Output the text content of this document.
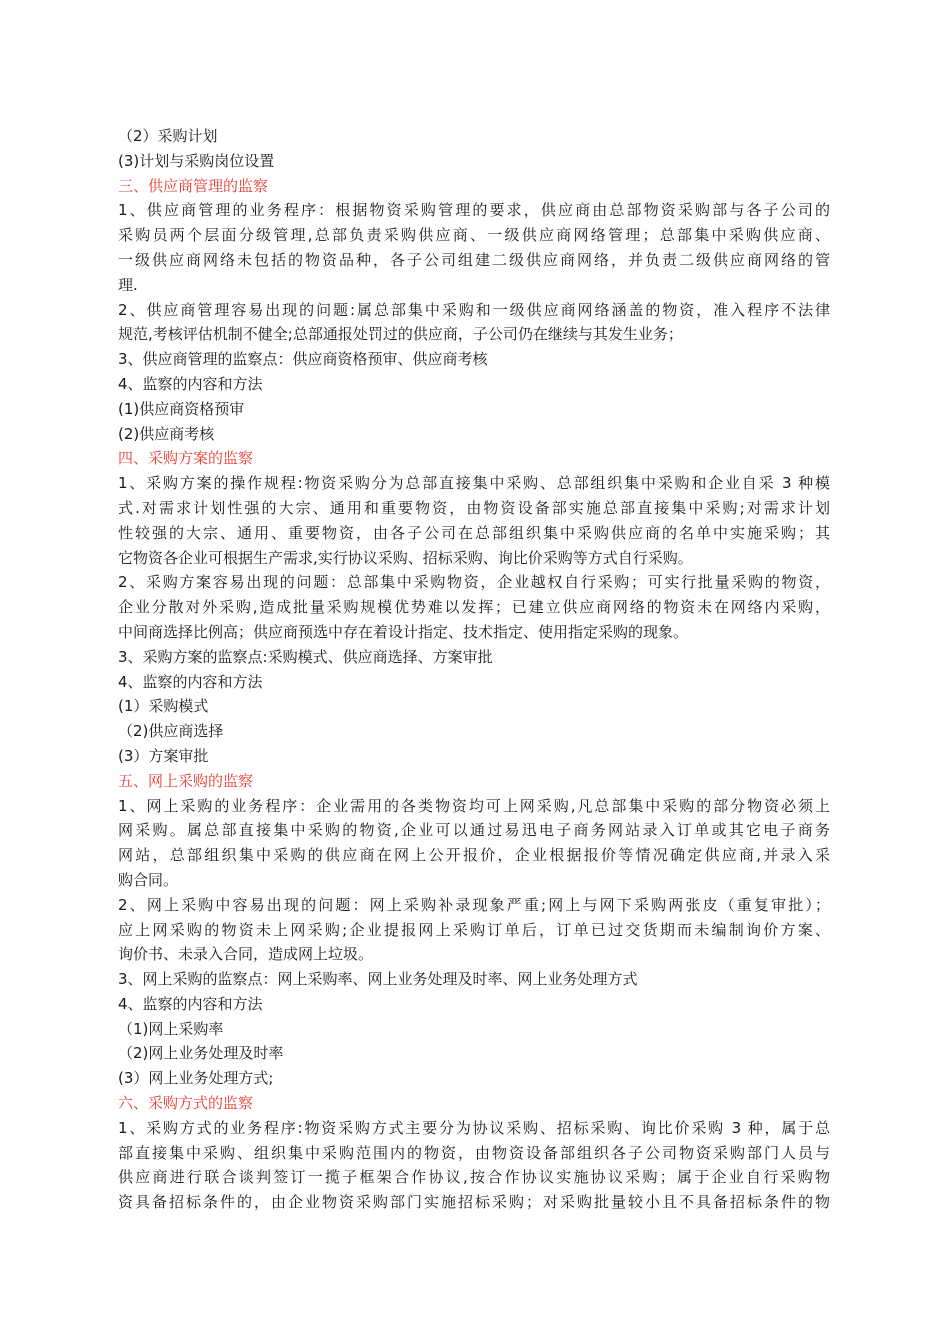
（2）采购计划
(3)计划与采购岗位设置
三、供应商管理的监察
1、供应商管理的业务程序：根据物资采购管理的要求，供应商由总部物资采购部与各子公司的
采购员两个层面分级管理,总部负责采购供应商、一级供应商网络管理；总部集中采购供应商、
一级供应商网络未包括的物资品种，各子公司组建二级供应商网络，并负责二级供应商网络的管
理.
2、供应商管理容易出现的问题:属总部集中采购和一级供应商网络涵盖的物资，准入程序不法律
规范,考核评估机制不健全;总部通报处罚过的供应商，子公司仍在继续与其发生业务；
3、供应商管理的监察点：供应商资格预审、供应商考核
4、监察的内容和方法
(1)供应商资格预审
(2)供应商考核
四、采购方案的监察
1、采购方案的操作规程:物资采购分为总部直接集中采购、总部组织集中采购和企业自采 3 种模
式.对需求计划性强的大宗、通用和重要物资，由物资设备部实施总部直接集中采购;对需求计划
性较强的大宗、通用、重要物资，由各子公司在总部组织集中采购供应商的名单中实施采购；其
它物资各企业可根据生产需求,实行协议采购、招标采购、询比价采购等方式自行采购。
2、采购方案容易出现的问题：总部集中采购物资，企业越权自行采购；可实行批量采购的物资，
企业分散对外采购,造成批量采购规模优势难以发挥；已建立供应商网络的物资未在网络内采购，
中间商选择比例高；供应商预选中存在着设计指定、技术指定、使用指定采购的现象。
3、采购方案的监察点:采购模式、供应商选择、方案审批
4、监察的内容和方法
(1）采购模式
（2)供应商选择
(3）方案审批
五、网上采购的监察
1、网上采购的业务程序：企业需用的各类物资均可上网采购,凡总部集中采购的部分物资必须上
网采购。属总部直接集中采购的物资,企业可以通过易迅电子商务网站录入订单或其它电子商务
网站，总部组织集中采购的供应商在网上公开报价，企业根据报价等情况确定供应商,并录入采
购合同。
2、网上采购中容易出现的问题：网上采购补录现象严重;网上与网下采购两张皮（重复审批）；
应上网采购的物资未上网采购;企业提报网上采购订单后，订单已过交货期而未编制询价方案、
询价书、未录入合同，造成网上垃圾。
3、网上采购的监察点：网上采购率、网上业务处理及时率、网上业务处理方式
4、监察的内容和方法
（1)网上采购率
（2)网上业务处理及时率
(3）网上业务处理方式;
六、采购方式的监察
1、采购方式的业务程序:物资采购方式主要分为协议采购、招标采购、询比价采购 3 种，属于总
部直接集中采购、组织集中采购范围内的物资，由物资设备部组织各子公司物资采购部门人员与
供应商进行联合谈判签订一揽子框架合作协议,按合作协议实施协议采购；属于企业自行采购物
资具备招标条件的，由企业物资采购部门实施招标采购；对采购批量较小且不具备招标条件的物
